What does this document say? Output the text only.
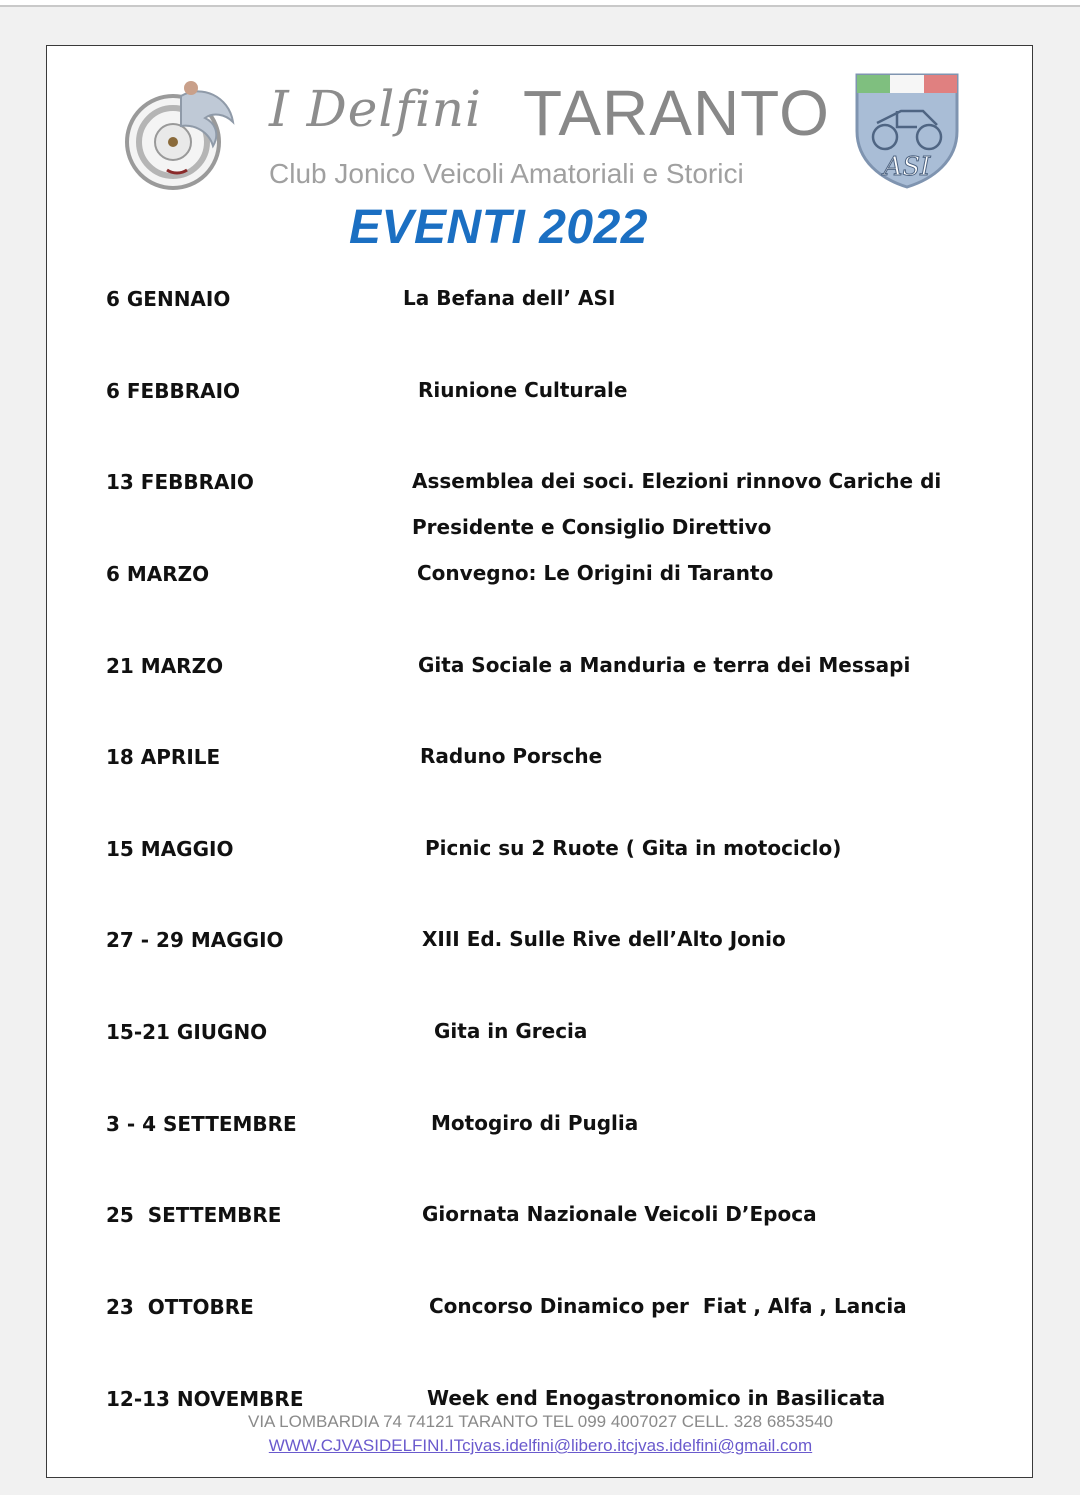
I Delfini TARANTO
Club Jonico Veicoli Amatoriali e Storici	ASI
EVENTI 2022
6 GENNAIO	La Befana dell’ ASI
6 FEBBRAIO	Riunione Culturale
13 FEBBRAIO	Assemblea dei soci. Elezioni rinnovo Cariche di Presidente e Consiglio Direttivo
6 MARZO	Convegno: Le Origini di Taranto
21 MARZO	Gita Sociale a Manduria e terra dei Messapi
18 APRILE	Raduno Porsche
15 MAGGIO	Picnic su 2 Ruote ( Gita in motociclo)
27 - 29 MAGGIO	XIII Ed. Sulle Rive dell’Alto Jonio
15-21 GIUGNO	Gita in Grecia
3 - 4 SETTEMBRE	Motogiro di Puglia
25  SETTEMBRE	Giornata Nazionale Veicoli D’Epoca
23  OTTOBRE	Concorso Dinamico per  Fiat , Alfa , Lancia
12-13 NOVEMBRE	Week end Enogastronomico in Basilicata
VIA LOMBARDIA 74 74121 TARANTO TEL 099 4007027 CELL. 328 6853540
WWW.CJVASIDELFINI.ITcjvas.idelfini@libero.itcjvas.idelfini@gmail.com
